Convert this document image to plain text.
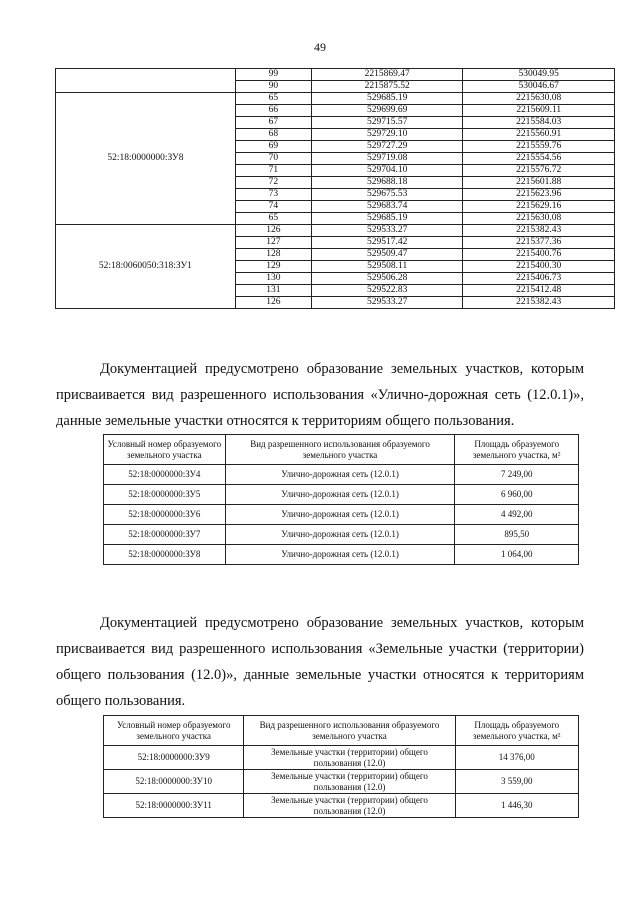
49
	99	2215869.47	530049.95
	90	2215875.52	530046.67
52:18:0000000:ЗУ8	65	529685.19	2215630.08
	66	529699.69	2215609.11
	67	529715.57	2215584.03
	68	529729.10	2215560.91
	69	529727.29	2215559.76
	70	529719.08	2215554.56
	71	529704.10	2215576.72
	72	529688.18	2215601.88
	73	529675.53	2215623.96
	74	529683.74	2215629.16
	65	529685.19	2215630.08
52:18:0060050:318:ЗУ1	126	529533.27	2215382.43
	127	529517.42	2215377.36
	128	529509.47	2215400.76
	129	529508.11	2215400.30
	130	529506.28	2215406.73
	131	529522.83	2215412.48
	126	529533.27	2215382.43
Документацией предусмотрено образование земельных участков, которым присваивается вид разрешенного использования «Улично-дорожная сеть (12.0.1)», данные земельные участки относятся к территориям общего пользования.
Условный номер образуемого земельного участка	Вид разрешенного использования образуемого земельного участка	Площадь образуемого земельного участка, м²
52:18:0000000:ЗУ4	Улично-дорожная сеть (12.0.1)	7 249,00
52:18:0000000:ЗУ5	Улично-дорожная сеть (12.0.1)	6 960,00
52:18:0000000:ЗУ6	Улично-дорожная сеть (12.0.1)	4 492,00
52:18:0000000:ЗУ7	Улично-дорожная сеть (12.0.1)	895,50
52:18:0000000:ЗУ8	Улично-дорожная сеть (12.0.1)	1 064,00
Документацией предусмотрено образование земельных участков, которым присваивается вид разрешенного использования «Земельные участки (территории) общего пользования (12.0)», данные земельные участки относятся к территориям общего пользования.
Условный номер образуемого земельного участка	Вид разрешенного использования образуемого земельного участка	Площадь образуемого земельного участка, м²
52:18:0000000:ЗУ9	Земельные участки (территории) общего пользования (12.0)	14 376,00
52:18:0000000:ЗУ10	Земельные участки (территории) общего пользования (12.0)	3 559,00
52:18:0000000:ЗУ11	Земельные участки (территории) общего пользования (12.0)	1 446,30
